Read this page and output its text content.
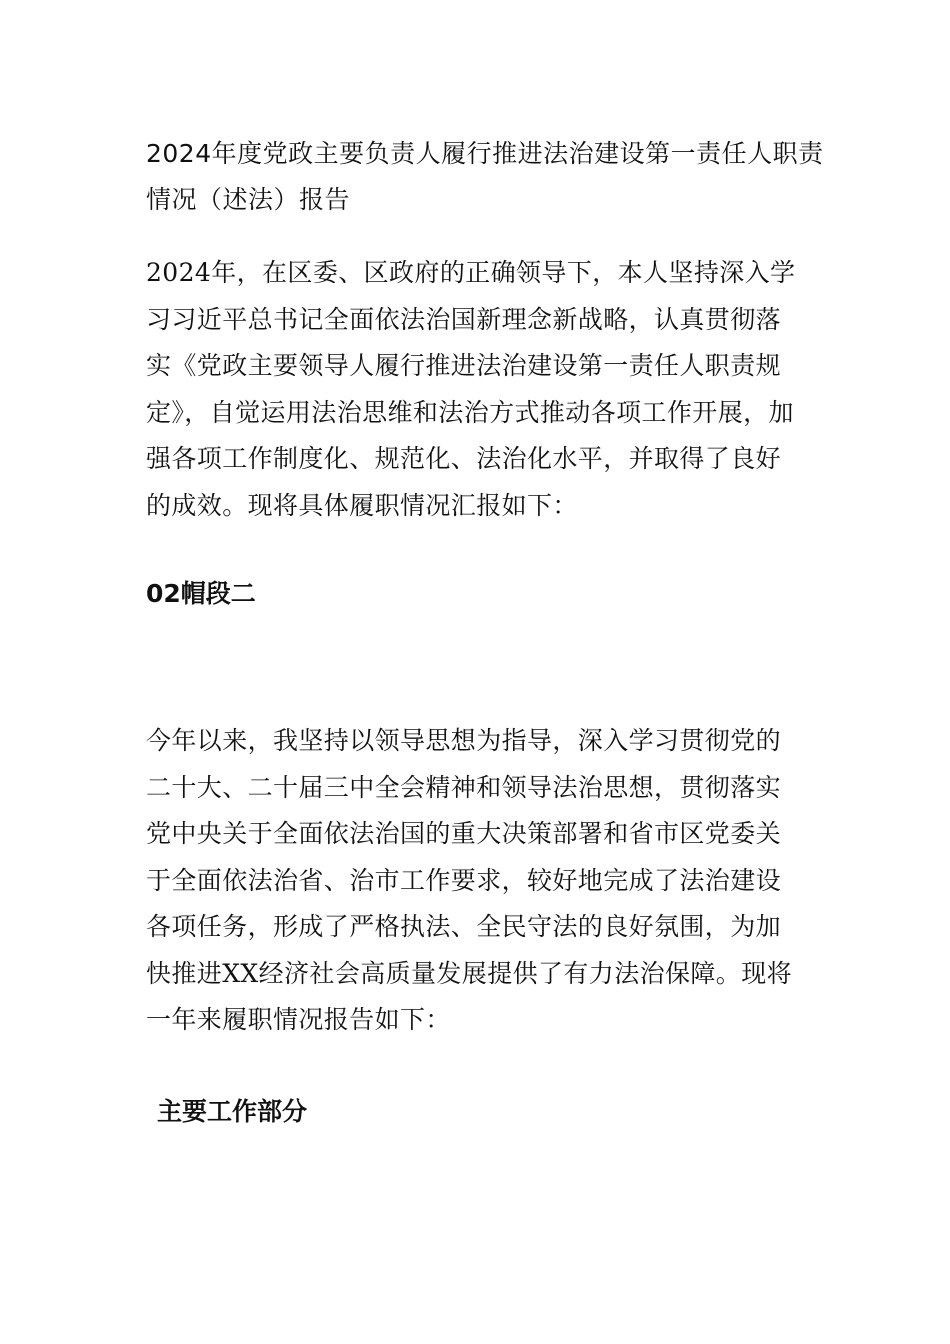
2024年度党政主要负责人履行推进法治建设第一责任人职责情况（述法）报告

2024年，在区委、区政府的正确领导下，本人坚持深入学习习近平总书记全面依法治国新理念新战略，认真贯彻落实《党政主要领导人履行推进法治建设第一责任人职责规定》，自觉运用法治思维和法治方式推动各项工作开展，加强各项工作制度化、规范化、法治化水平，并取得了良好的成效。现将具体履职情况汇报如下：

02帽段二

今年以来，我坚持以领导思想为指导，深入学习贯彻党的二十大、二十届三中全会精神和领导法治思想，贯彻落实党中央关于全面依法治国的重大决策部署和省市区党委关于全面依法治省、治市工作要求，较好地完成了法治建设各项任务，形成了严格执法、全民守法的良好氛围，为加快推进XX经济社会高质量发展提供了有力法治保障。现将一年来履职情况报告如下：

主要工作部分
